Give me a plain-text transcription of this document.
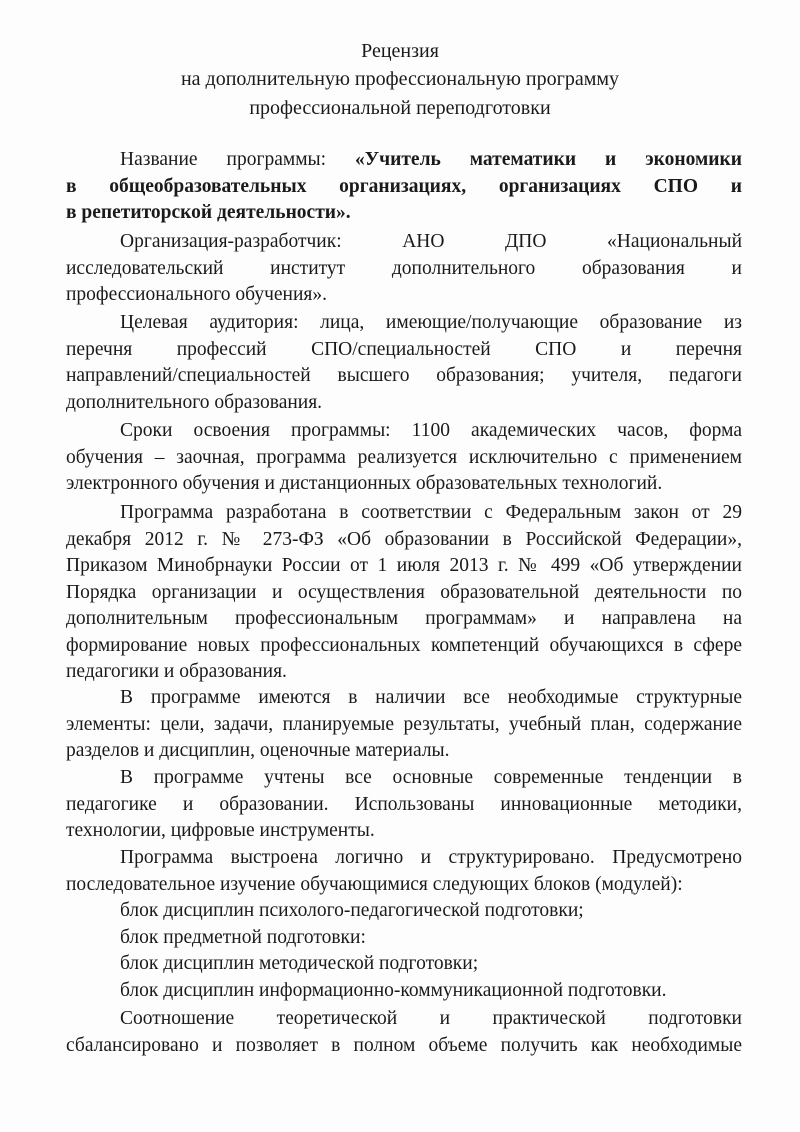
Рецензия
на дополнительную профессиональную программу
профессиональной переподготовки
Название программы: «Учитель математики и экономики
в общеобразовательных организациях, организациях СПО и
в репетиторской деятельности».
Организация-разработчик: АНО ДПО «Национальный
исследовательский институт дополнительного образования и
профессионального обучения».
Целевая аудитория: лица, имеющие/получающие образование из
перечня профессий СПО/специальностей СПО и перечня
направлений/специальностей высшего образования; учителя, педагоги
дополнительного образования.
Сроки освоения программы: 1100 академических часов, форма
обучения – заочная, программа реализуется исключительно с применением
электронного обучения и дистанционных образовательных технологий.
Программа разработана в соответствии с Федеральным закон от 29
декабря 2012 г. № 273-ФЗ «Об образовании в Российской Федерации»,
Приказом Минобрнауки России от 1 июля 2013 г. № 499 «Об утверждении
Порядка организации и осуществления образовательной деятельности по
дополнительным профессиональным программам» и направлена на
формирование новых профессиональных компетенций обучающихся в сфере
педагогики и образования.
В программе имеются в наличии все необходимые структурные
элементы: цели, задачи, планируемые результаты, учебный план, содержание
разделов и дисциплин, оценочные материалы.
В программе учтены все основные современные тенденции в
педагогике и образовании. Использованы инновационные методики,
технологии, цифровые инструменты.
Программа выстроена логично и структурировано. Предусмотрено
последовательное изучение обучающимися следующих блоков (модулей):
блок дисциплин психолого-педагогической подготовки;
блок предметной подготовки:
блок дисциплин методической подготовки;
блок дисциплин информационно-коммуникационной подготовки.
Соотношение теоретической и практической подготовки
сбалансировано и позволяет в полном объеме получить как необходимые
